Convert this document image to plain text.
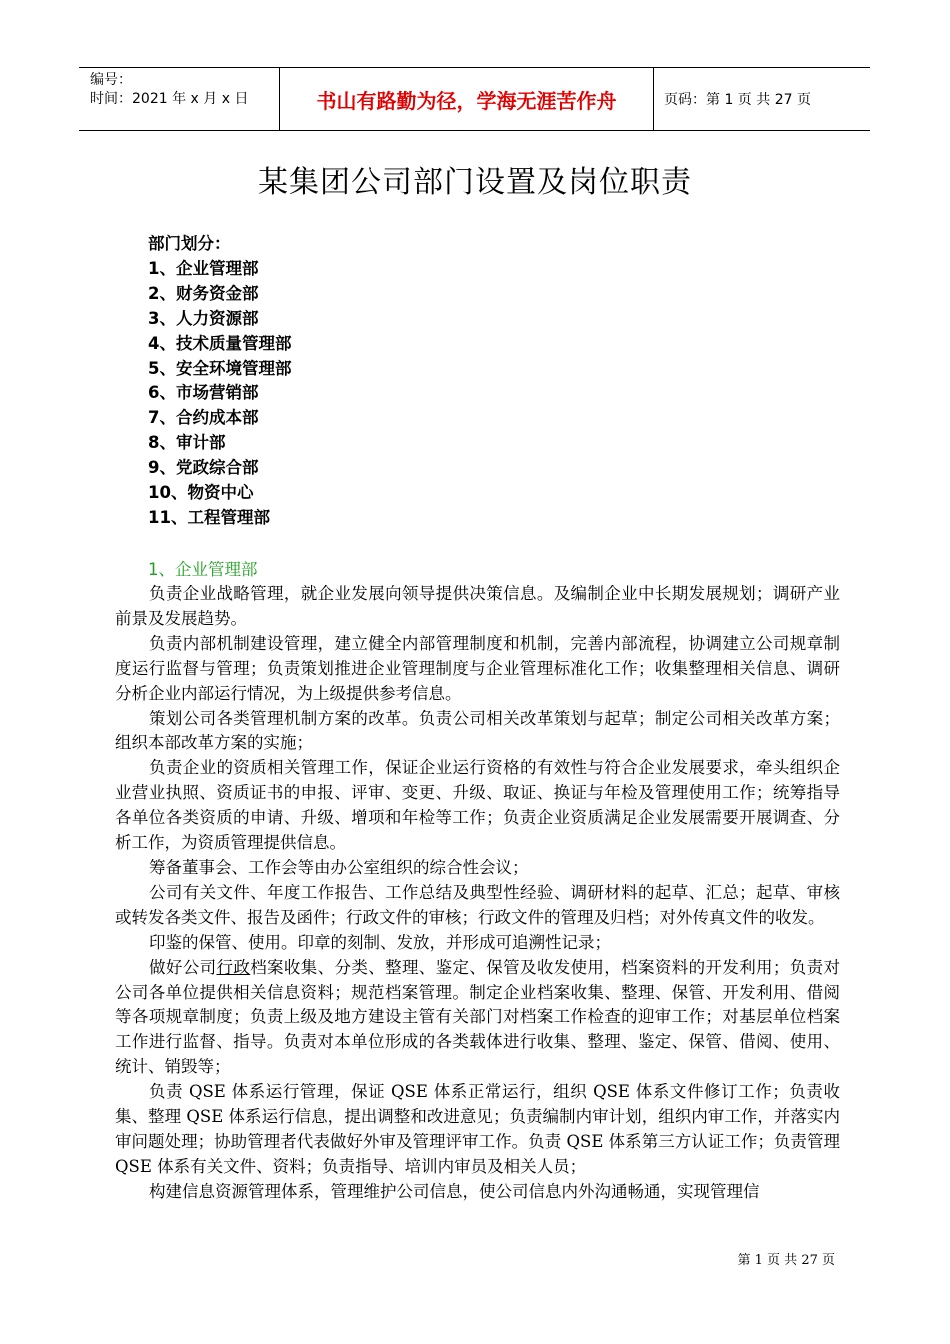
编号：
时间：2021 年 x 月 x 日	书山有路勤为径，学海无涯苦作舟	页码：第 1 页 共 27 页
某集团公司部门设置及岗位职责
部门划分：
1、企业管理部
2、财务资金部
3、人力资源部
4、技术质量管理部
5、安全环境管理部
6、市场营销部
7、合约成本部
8、审计部
9、党政综合部
10、物资中心
11、工程管理部
1、企业管理部

负责企业战略管理，就企业发展向领导提供决策信息。及编制企业中长期发展规划；调研产业前景及发展趋势。

负责内部机制建设管理，建立健全内部管理制度和机制，完善内部流程，协调建立公司规章制度运行监督与管理；负责策划推进企业管理制度与企业管理标准化工作；收集整理相关信息、调研分析企业内部运行情况，为上级提供参考信息。

策划公司各类管理机制方案的改革。负责公司相关改革策划与起草；制定公司相关改革方案；组织本部改革方案的实施；

负责企业的资质相关管理工作，保证企业运行资格的有效性与符合企业发展要求，牵头组织企业营业执照、资质证书的申报、评审、变更、升级、取证、换证与年检及管理使用工作；统筹指导各单位各类资质的申请、升级、增项和年检等工作；负责企业资质满足企业发展需要开展调查、分析工作，为资质管理提供信息。

筹备董事会、工作会等由办公室组织的综合性会议；

公司有关文件、年度工作报告、工作总结及典型性经验、调研材料的起草、汇总；起草、审核或转发各类文件、报告及函件；行政文件的审核；行政文件的管理及归档；对外传真文件的收发。

印鉴的保管、使用。印章的刻制、发放，并形成可追溯性记录；

做好公司行政档案收集、分类、整理、鉴定、保管及收发使用，档案资料的开发利用；负责对公司各单位提供相关信息资料；规范档案管理。制定企业档案收集、整理、保管、开发利用、借阅等各项规章制度；负责上级及地方建设主管有关部门对档案工作检查的迎审工作；对基层单位档案工作进行监督、指导。负责对本单位形成的各类载体进行收集、整理、鉴定、保管、借阅、使用、统计、销毁等；

负责 QSE 体系运行管理，保证 QSE 体系正常运行，组织 QSE 体系文件修订工作；负责收集、整理 QSE 体系运行信息，提出调整和改进意见；负责编制内审计划，组织内审工作，并落实内审问题处理；协助管理者代表做好外审及管理评审工作。负责 QSE 体系第三方认证工作；负责管理 QSE 体系有关文件、资料；负责指导、培训内审员及相关人员；

构建信息资源管理体系，管理维护公司信息，使公司信息内外沟通畅通，实现管理信

第 1 页 共 27 页
